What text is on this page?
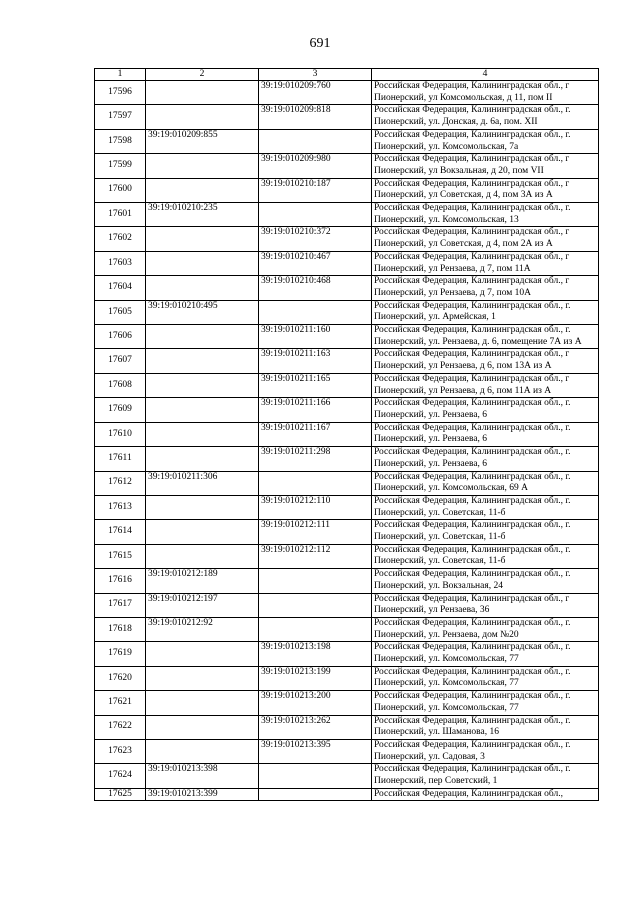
691
1	2	3	4
17596		39:19:010209:760	Российская Федерация, Калининградская обл., г Пионерский, ул Комсомольская, д 11, пом II
17597		39:19:010209:818	Российская Федерация, Калининградская обл., г. Пионерский, ул. Донская, д. 6а, пом. XII
17598	39:19:010209:855		Российская Федерация, Калининградская обл., г. Пионерский, ул. Комсомольская, 7а
17599		39:19:010209:980	Российская Федерация, Калининградская обл., г Пионерский, ул Вокзальная, д 20, пом VII
17600		39:19:010210:187	Российская Федерация, Калининградская обл., г Пионерский, ул Советская, д 4, пом 3А из А
17601	39:19:010210:235		Российская Федерация, Калининградская обл., г. Пионерский, ул. Комсомольская, 13
17602		39:19:010210:372	Российская Федерация, Калининградская обл., г Пионерский, ул Советская, д 4, пом 2А из А
17603		39:19:010210:467	Российская Федерация, Калининградская обл., г Пионерский, ул Рензаева, д 7, пом 11А
17604		39:19:010210:468	Российская Федерация, Калининградская обл., г Пионерский, ул Рензаева, д 7, пом 10А
17605	39:19:010210:495		Российская Федерация, Калининградская обл., г. Пионерский, ул. Армейская, 1
17606		39:19:010211:160	Российская Федерация, Калининградская обл., г. Пионерский, ул. Рензаева, д. 6, помещение 7А из А
17607		39:19:010211:163	Российская Федерация, Калининградская обл., г Пионерский, ул Рензаева, д 6, пом 13А из А
17608		39:19:010211:165	Российская Федерация, Калининградская обл., г Пионерский, ул Рензаева, д 6, пом 11А из А
17609		39:19:010211:166	Российская Федерация, Калининградская обл., г. Пионерский, ул. Рензаева, 6
17610		39:19:010211:167	Российская Федерация, Калининградская обл., г. Пионерский, ул. Рензаева, 6
17611		39:19:010211:298	Российская Федерация, Калининградская обл., г. Пионерский, ул. Рензаева, 6
17612	39:19:010211:306		Российская Федерация, Калининградская обл., г. Пионерский, ул. Комсомольская, 69 А
17613		39:19:010212:110	Российская Федерация, Калининградская обл., г. Пионерский, ул. Советская, 11-б
17614		39:19:010212:111	Российская Федерация, Калининградская обл., г. Пионерский, ул. Советская, 11-б
17615		39:19:010212:112	Российская Федерация, Калининградская обл., г. Пионерский, ул. Советская, 11-б
17616	39:19:010212:189		Российская Федерация, Калининградская обл., г. Пионерский, ул. Вокзальная, 24
17617	39:19:010212:197		Российская Федерация, Калининградская обл., г Пионерский, ул Рензаева, 36
17618	39:19:010212:92		Российская Федерация, Калининградская обл., г. Пионерский, ул. Рензаева, дом №20
17619		39:19:010213:198	Российская Федерация, Калининградская обл., г. Пионерский, ул. Комсомольская, 77
17620		39:19:010213:199	Российская Федерация, Калининградская обл., г. Пионерский, ул. Комсомольская, 77
17621		39:19:010213:200	Российская Федерация, Калининградская обл., г. Пионерский, ул. Комсомольская, 77
17622		39:19:010213:262	Российская Федерация, Калининградская обл., г. Пионерский, ул. Шаманова, 16
17623		39:19:010213:395	Российская Федерация, Калининградская обл., г. Пионерский, ул. Садовая, 3
17624	39:19:010213:398		Российская Федерация, Калининградская обл., г. Пионерский, пер Советский, 1
17625	39:19:010213:399		Российская Федерация, Калининградская обл.,
